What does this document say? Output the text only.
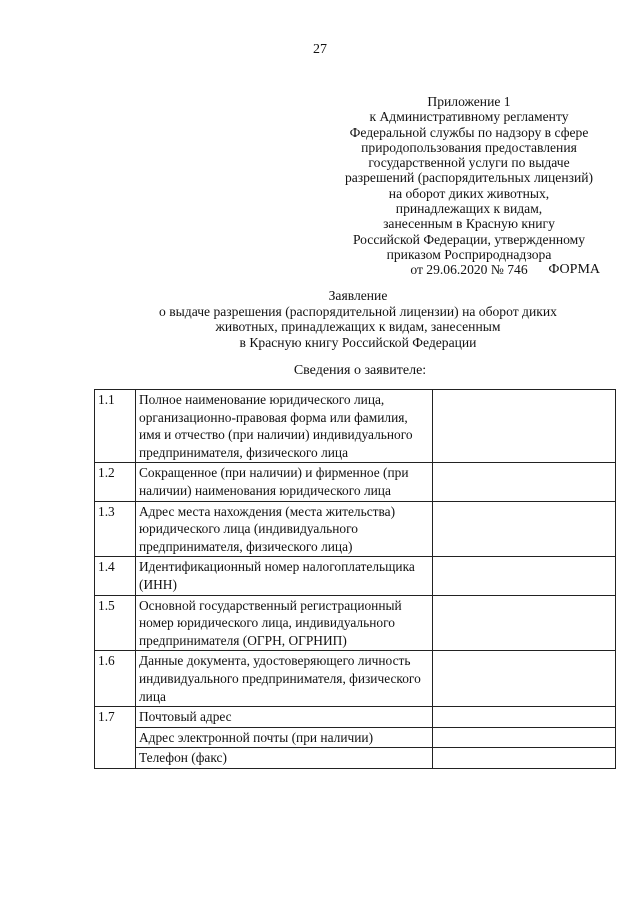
27
Приложение 1
к Административному регламенту
Федеральной службы по надзору в сфере
природопользования предоставления
государственной услуги по выдаче
разрешений (распорядительных лицензий)
на оборот диких животных,
принадлежащих к видам,
занесенным в Красную книгу
Российской Федерации, утвержденному
приказом Росприроднадзора
от 29.06.2020 № 746	ФОРМА
Заявление
о выдаче разрешения (распорядительной лицензии) на оборот диких
животных, принадлежащих к видам, занесенным
в Красную книгу Российской Федерации
Сведения о заявителе:
1.1	Полное наименование юридического лица, организационно-правовая форма или фамилия, имя и отчество (при наличии) индивидуального предпринимателя, физического лица	
1.2	Сокращенное (при наличии) и фирменное (при наличии) наименования юридического лица	
1.3	Адрес места нахождения (места жительства) юридического лица (индивидуального предпринимателя, физического лица)	
1.4	Идентификационный номер налогоплательщика (ИНН)	
1.5	Основной государственный регистрационный номер юридического лица, индивидуального предпринимателя (ОГРН, ОГРНИП)	
1.6	Данные документа, удостоверяющего личность индивидуального предпринимателя, физического лица	
1.7	Почтовый адрес	
	Адрес электронной почты (при наличии)	
	Телефон (факс)	
